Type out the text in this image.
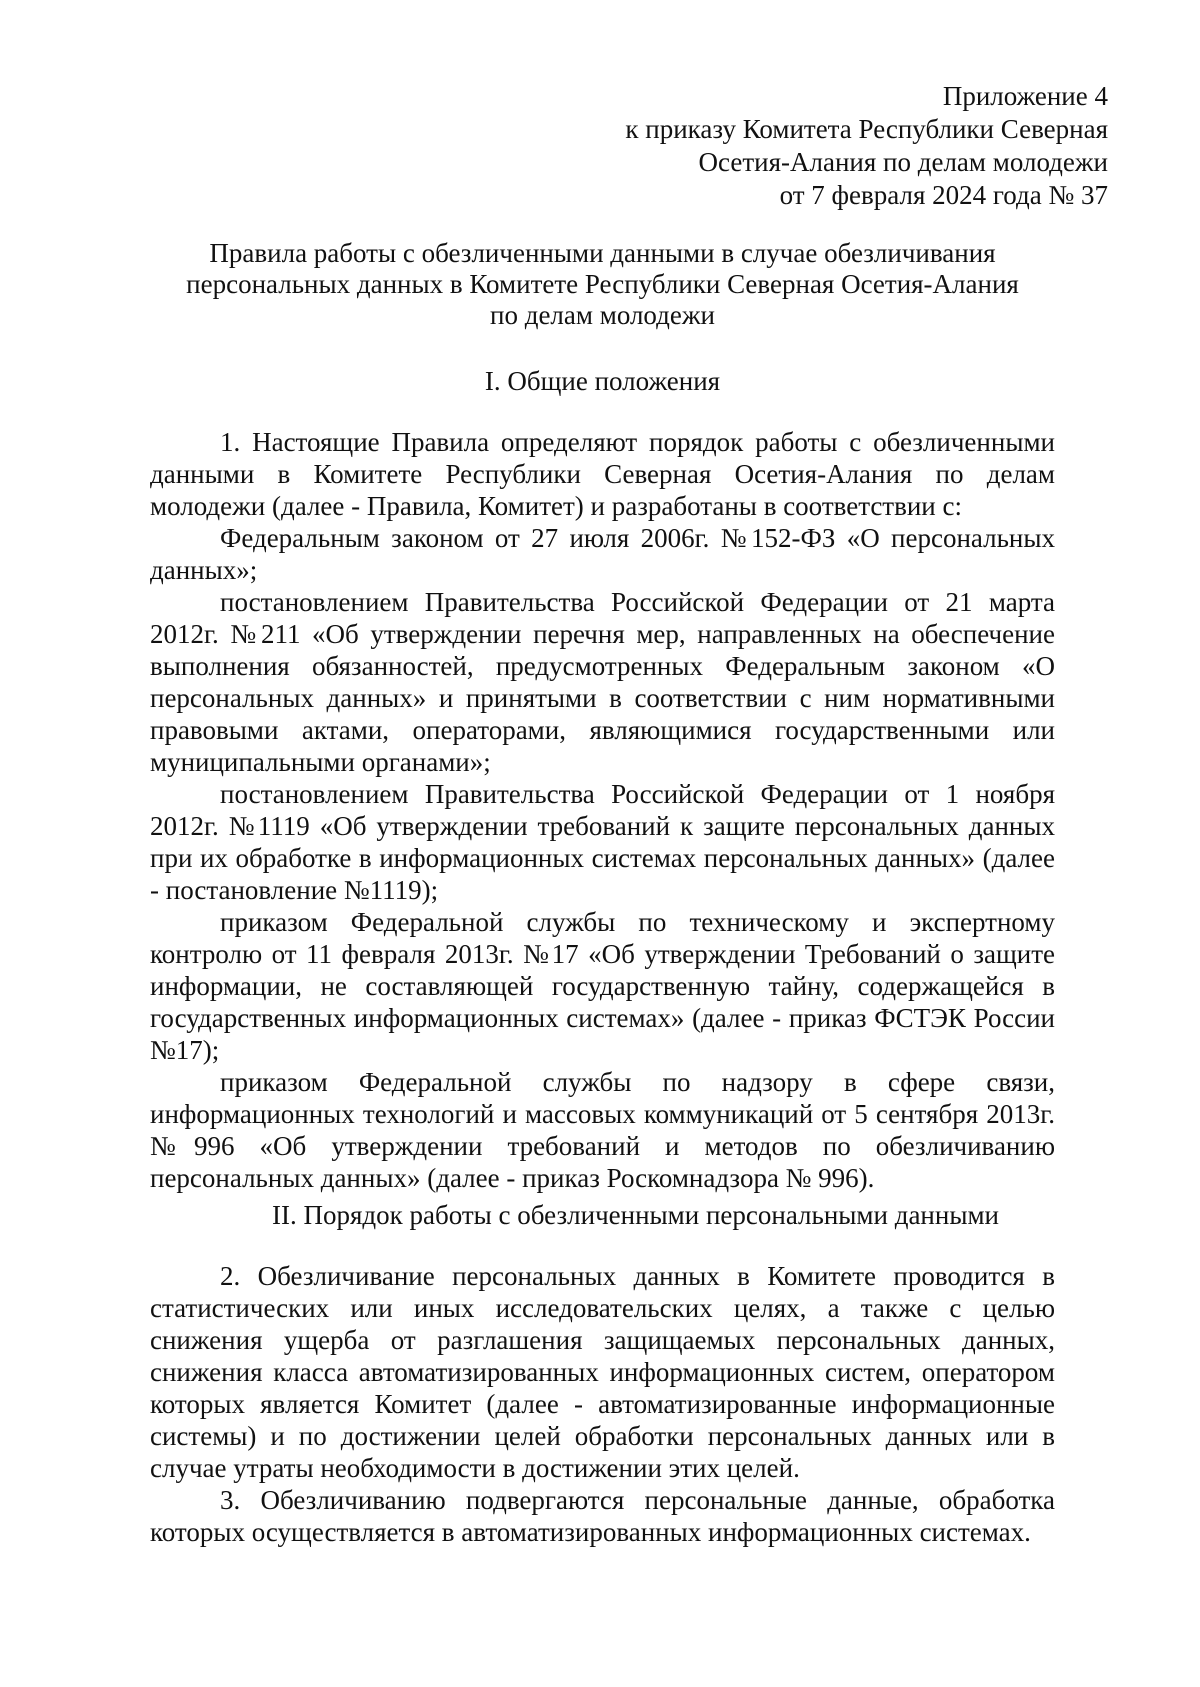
Приложение 4
к приказу Комитета Республики Северная
Осетия-Алания по делам молодежи
от 7 февраля 2024 года № 37
Правила работы с обезличенными данными в случае обезличивания
персональных данных в Комитете Республики Северная Осетия-Алания
по делам молодежи
I. Общие положения

1. Настоящие Правила определяют порядок работы с обезличенными данными в Комитете Республики Северная Осетия-Алания по делам молодежи (далее - Правила, Комитет) и разработаны в соответствии с:

Федеральным законом от 27 июля 2006г. №152-ФЗ «О персональных данных»;

постановлением Правительства Российской Федерации от 21 марта 2012г. №211 «Об утверждении перечня мер, направленных на обеспечение выполнения обязанностей, предусмотренных Федеральным законом «О персональных данных» и принятыми в соответствии с ним нормативными правовыми актами, операторами, являющимися государственными или муниципальными органами»;

постановлением Правительства Российской Федерации от 1 ноября 2012г. №1119 «Об утверждении требований к защите персональных данных при их обработке в информационных системах персональных данных» (далее - постановление №1119);

приказом Федеральной службы по техническому и экспертному контролю от 11 февраля 2013г. №17 «Об утверждении Требований о защите информации, не составляющей государственную тайну, содержащейся в государственных информационных системах» (далее - приказ ФСТЭК России №17);

приказом Федеральной службы по надзору в сфере связи, информационных технологий и массовых коммуникаций от 5 сентября 2013г. №996 «Об утверждении требований и методов по обезличиванию персональных данных» (далее - приказ Роскомнадзора № 996).

II. Порядок работы с обезличенными персональными данными

2. Обезличивание персональных данных в Комитете проводится в статистических или иных исследовательских целях, а также с целью снижения ущерба от разглашения защищаемых персональных данных, снижения класса автоматизированных информационных систем, оператором которых является Комитет (далее - автоматизированные информационные системы) и по достижении целей обработки персональных данных или в случае утраты необходимости в достижении этих целей.

3. Обезличиванию подвергаются персональные данные, обработка которых осуществляется в автоматизированных информационных системах.
